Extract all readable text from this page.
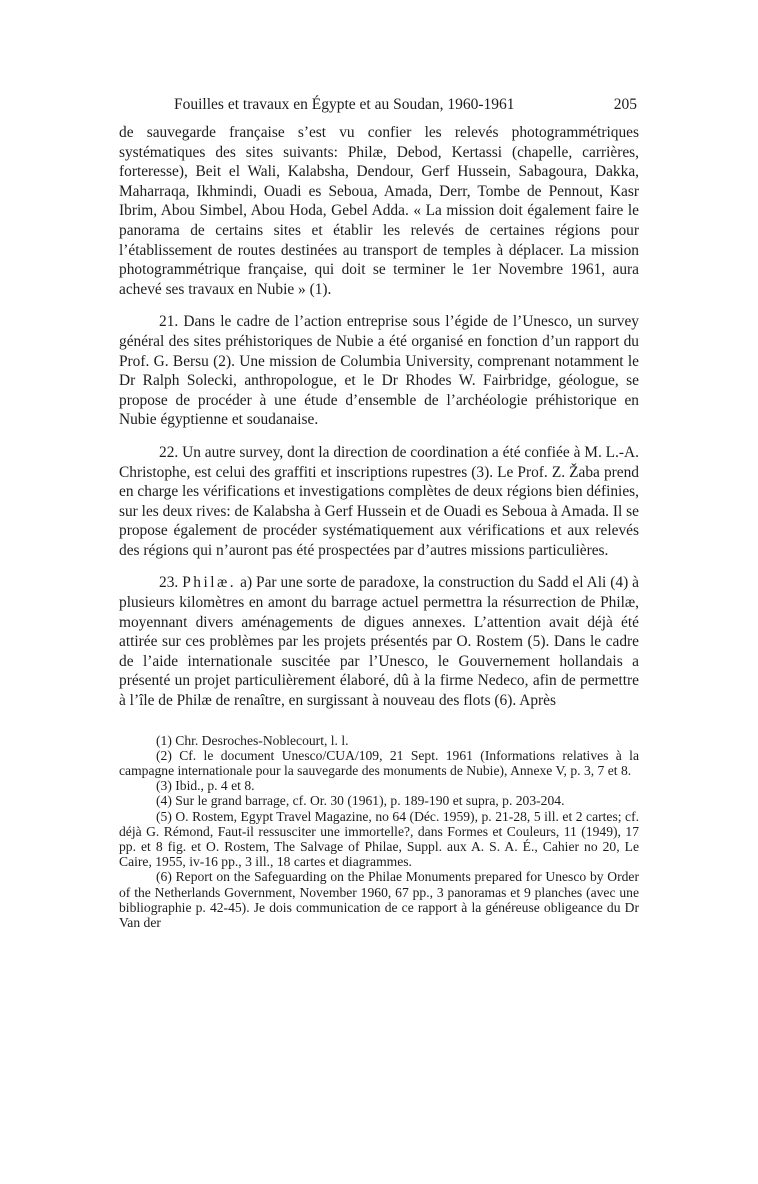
Fouilles et travaux en Égypte et au Soudan, 1960-1961	205

de sauvegarde française s’est vu confier les relevés photogrammétriques systématiques des sites suivants: Philæ, Debod, Kertassi (chapelle, carrières, forteresse), Beit el Wali, Kalabsha, Dendour, Gerf Hussein, Sabagoura, Dakka, Maharraqa, Ikhmindi, Ouadi es Seboua, Amada, Derr, Tombe de Pennout, Kasr Ibrim, Abou Simbel, Abou Hoda, Gebel Adda. « La mission doit également faire le panorama de certains sites et établir les relevés de certaines régions pour l’établissement de routes destinées au transport de temples à déplacer. La mission photogrammétrique française, qui doit se terminer le 1er Novembre 1961, aura achevé ses travaux en Nubie » (1).

21. Dans le cadre de l’action entreprise sous l’égide de l’Unesco, un survey général des sites préhistoriques de Nubie a été organisé en fonction d’un rapport du Prof. G. Bersu (2). Une mission de Columbia University, comprenant notamment le Dr Ralph Solecki, anthropologue, et le Dr Rhodes W. Fairbridge, géologue, se propose de procéder à une étude d’ensemble de l’archéologie préhistorique en Nubie égyptienne et soudanaise.

22. Un autre survey, dont la direction de coordination a été confiée à M. L.-A. Christophe, est celui des graffiti et inscriptions rupestres (3). Le Prof. Z. Žaba prend en charge les vérifications et investigations complètes de deux régions bien définies, sur les deux rives: de Kalabsha à Gerf Hussein et de Ouadi es Seboua à Amada. Il se propose également de procéder systématiquement aux vérifications et aux relevés des régions qui n’auront pas été prospectées par d’autres missions particulières.

23. Philæ. a) Par une sorte de paradoxe, la construction du Sadd el Ali (4) à plusieurs kilomètres en amont du barrage actuel permettra la résurrection de Philæ, moyennant divers aménagements de digues annexes. L’attention avait déjà été attirée sur ces problèmes par les projets présentés par O. Rostem (5). Dans le cadre de l’aide internationale suscitée par l’Unesco, le Gouvernement hollandais a présenté un projet particulièrement élaboré, dû à la firme Nedeco, afin de permettre à l’île de Philæ de renaître, en surgissant à nouveau des flots (6). Après

(1) Chr. Desroches-Noblecourt, l. l.

(2) Cf. le document Unesco/CUA/109, 21 Sept. 1961 (Informations relatives à la campagne internationale pour la sauvegarde des monuments de Nubie), Annexe V, p. 3, 7 et 8.

(3) Ibid., p. 4 et 8.

(4) Sur le grand barrage, cf. Or. 30 (1961), p. 189-190 et supra, p. 203-204.

(5) O. Rostem, Egypt Travel Magazine, no 64 (Déc. 1959), p. 21-28, 5 ill. et 2 cartes; cf. déjà G. Rémond, Faut-il ressusciter une immortelle?, dans Formes et Couleurs, 11 (1949), 17 pp. et 8 fig. et O. Rostem, The Salvage of Philae, Suppl. aux A. S. A. É., Cahier no 20, Le Caire, 1955, iv-16 pp., 3 ill., 18 cartes et diagrammes.

(6) Report on the Safeguarding on the Philae Monuments prepared for Unesco by Order of the Netherlands Government, November 1960, 67 pp., 3 panoramas et 9 planches (avec une bibliographie p. 42-45). Je dois communication de ce rapport à la généreuse obligeance du Dr Van der
